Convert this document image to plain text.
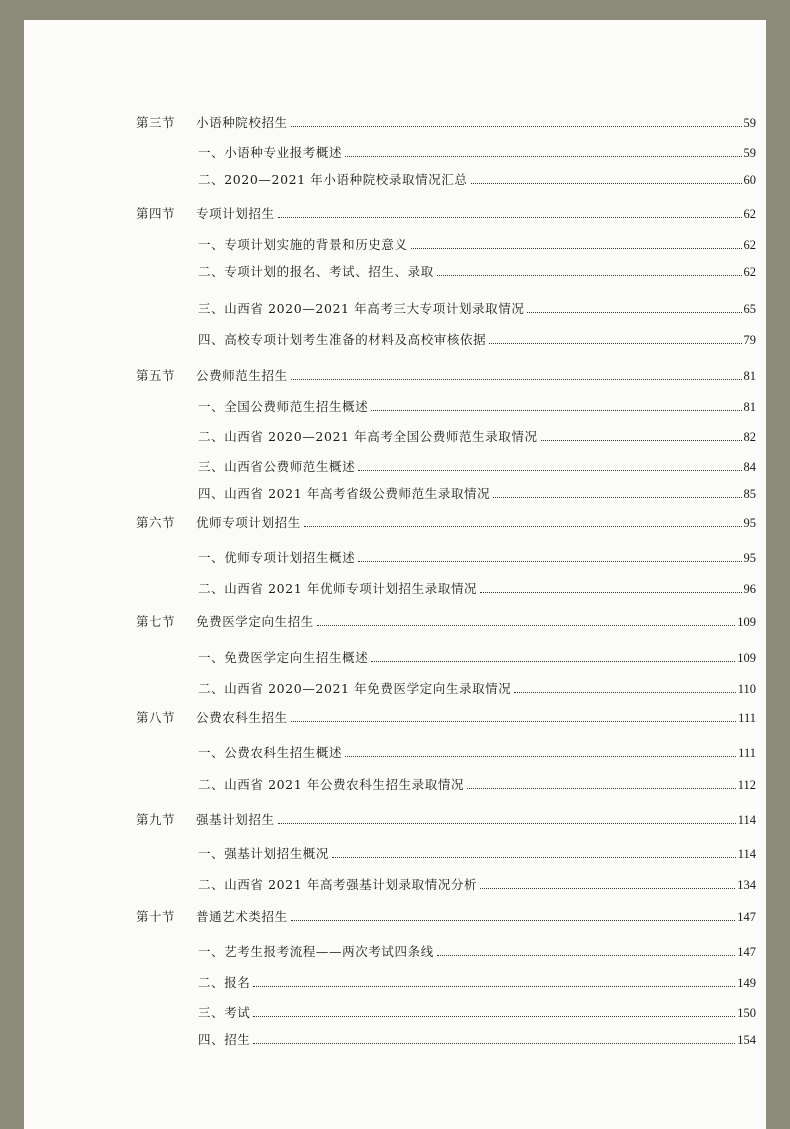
第三节	小语种院校招生	59
一、小语种专业报考概述	59
二、2020—2021 年小语种院校录取情况汇总	60
第四节	专项计划招生	62
一、专项计划实施的背景和历史意义	62
二、专项计划的报名、考试、招生、录取	62
三、山西省 2020—2021 年高考三大专项计划录取情况	65
四、高校专项计划考生准备的材料及高校审核依据	79
第五节	公费师范生招生	81
一、全国公费师范生招生概述	81
二、山西省 2020—2021 年高考全国公费师范生录取情况	82
三、山西省公费师范生概述	84
四、山西省 2021 年高考省级公费师范生录取情况	85
第六节	优师专项计划招生	95
一、优师专项计划招生概述	95
二、山西省 2021 年优师专项计划招生录取情况	96
第七节	免费医学定向生招生	109
一、免费医学定向生招生概述	109
二、山西省 2020—2021 年免费医学定向生录取情况	110
第八节	公费农科生招生	111
一、公费农科生招生概述	111
二、山西省 2021 年公费农科生招生录取情况	112
第九节	强基计划招生	114
一、强基计划招生概况	114
二、山西省 2021 年高考强基计划录取情况分析	134
第十节	普通艺术类招生	147
一、艺考生报考流程——两次考试四条线	147
二、报名	149
三、考试	150
四、招生	154
